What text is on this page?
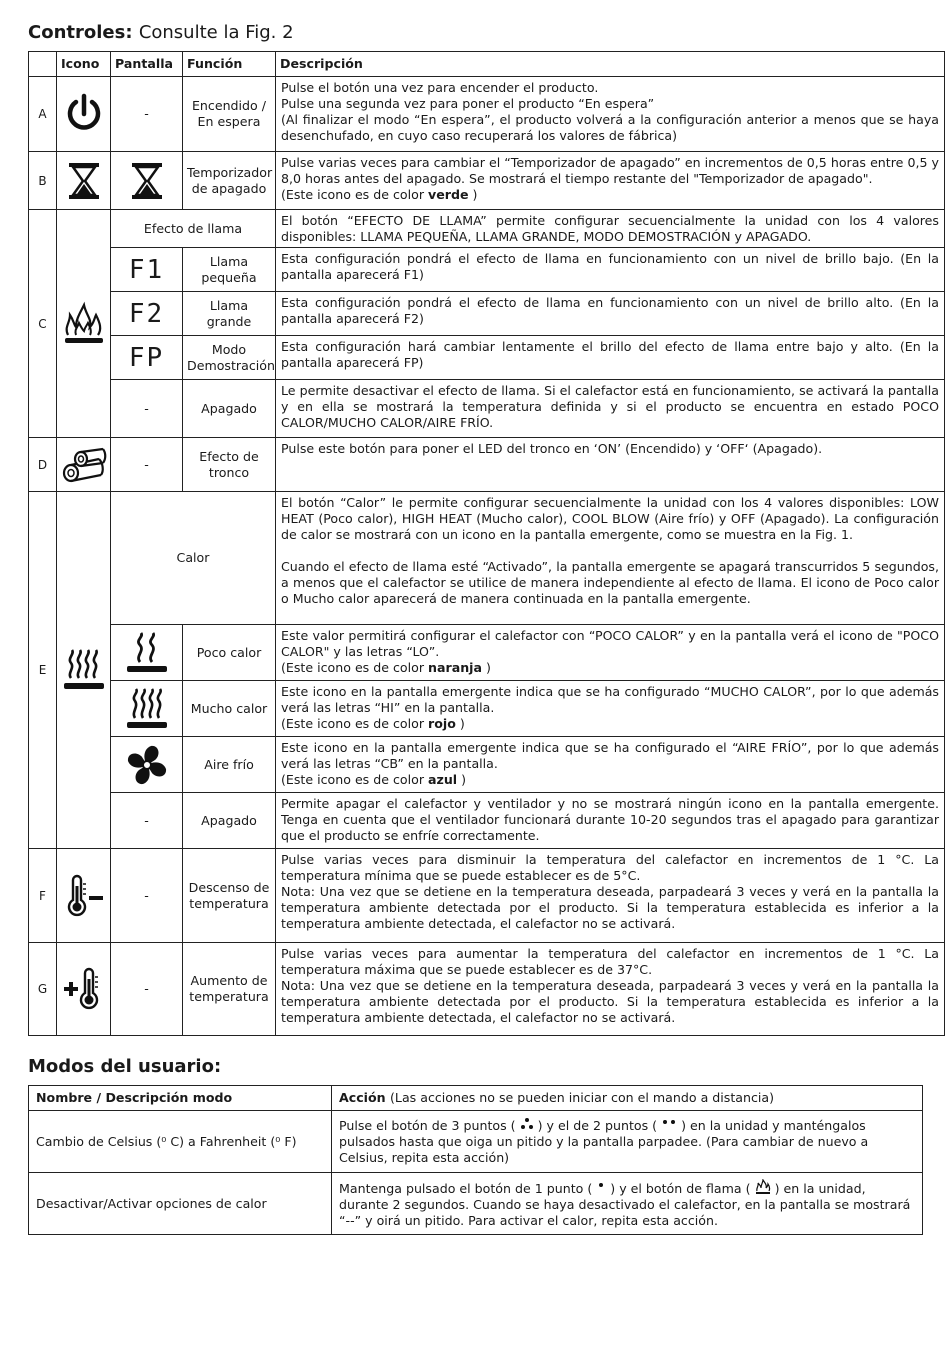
Controles: Consulte la Fig. 2
	Icono	Pantalla	Función	Descripción
A		-	Encendido / En espera	Pulse el botón una vez para encender el producto.

Pulse una segunda vez para poner el producto “En espera”

(Al finalizar el modo “En espera”, el producto volverá a la configuración anterior a menos que se haya desenchufado, en cuyo caso recuperará los valores de fábrica)

B			Temporizador de apagado	Pulse varias veces para cambiar el “Temporizador de apagado” en incrementos de 0,5 horas entre 0,5 y 8,0 horas antes del apagado. Se mostrará el tiempo restante del "Temporizador de apagado".

(Este icono es de color verde )

C		Efecto de llama		El botón “EFECTO DE LLAMA” permite configurar secuencialmente la unidad con los 4 valores disponibles: LLAMA PEQUEÑA, LLAMA GRANDE, MODO DEMOSTRACIÓN y APAGADO.
		F1	Llama pequeña	Esta configuración pondrá el efecto de llama en funcionamiento con un nivel de brillo bajo. (En la pantalla aparecerá F1)
		F2	Llama grande	Esta configuración pondrá el efecto de llama en funcionamiento con un nivel de brillo alto. (En la pantalla aparecerá F2)
		FP	Modo Demostración	Esta configuración hará cambiar lentamente el brillo del efecto de llama entre bajo y alto. (En la pantalla aparecerá FP)
		-	Apagado	Le permite desactivar el efecto de llama. Si el calefactor está en funcionamiento, se activará la pantalla y en ella se mostrará la temperatura definida y si el producto se encuentra en estado POCO CALOR/MUCHO CALOR/AIRE FRÍO.
D		-	Efecto de tronco	Pulse este botón para poner el LED del tronco en ‘ON’ (Encendido) y ‘OFF‘ (Apagado).
E		Calor		El botón “Calor” le permite configurar secuencialmente la unidad con los 4 valores disponibles: LOW HEAT (Poco calor), HIGH HEAT (Mucho calor), COOL BLOW (Aire frío) y OFF (Apagado). La configuración de calor se mostrará con un icono en la pantalla emergente, como se muestra en la Fig. 1.

Cuando el efecto de llama esté “Activado”, la pantalla emergente se apagará transcurridos 5 segundos, a menos que el calefactor se utilice de manera independiente al efecto de llama. El icono de Poco calor o Mucho calor aparecerá de manera continuada en la pantalla emergente.

	Poco calor	Este valor permitirá configurar el calefactor con “POCO CALOR” y en la pantalla verá el icono de "POCO CALOR" y las letras “LO”.

(Este icono es de color naranja )

	Mucho calor	Este icono en la pantalla emergente indica que se ha configurado “MUCHO CALOR”, por lo que además verá las letras “HI” en la pantalla.

(Este icono es de color rojo )

	Aire frío	Este icono en la pantalla emergente indica que se ha configurado el “AIRE FRÍO”, por lo que además verá las letras “CB” en la pantalla.

(Este icono es de color azul )

		-	Apagado	Permite apagar el calefactor y ventilador y no se mostrará ningún icono en la pantalla emergente. Tenga en cuenta que el ventilador funcionará durante 10-20 segundos tras el apagado para garantizar que el producto se enfríe correctamente.
F		-	Descenso de temperatura	Pulse varias veces para disminuir la temperatura del calefactor en incrementos de 1 °C. La temperatura mínima que se puede establecer es de 5°C.

Nota: Una vez que se detiene en la temperatura deseada, parpadeará 3 veces y verá en la pantalla la temperatura ambiente detectada por el producto. Si la temperatura establecida es inferior a la temperatura ambiente detectada, el calefactor no se activará.

G		-	Aumento de temperatura	Pulse varias veces para aumentar la temperatura del calefactor en incrementos de 1 °C. La temperatura máxima que se puede establecer es de 37°C.

Nota: Una vez que se detiene en la temperatura deseada, parpadeará 3 veces y verá en la pantalla la temperatura ambiente detectada por el producto. Si la temperatura establecida es inferior a la temperatura ambiente detectada, el calefactor no se activará.

Modos del usuario:
Nombre / Descripción modo	Acción (Las acciones no se pueden iniciar con el mando a distancia)
Cambio de Celsius (⁰ C) a Fahrenheit (⁰ F)	Pulse el botón de 3 puntos ( ) y el de 2 puntos ( ) en la unidad y manténgalos pulsados hasta que oiga un pitido y la pantalla parpadee. (Para cambiar de nuevo a Celsius, repita esta acción)
Desactivar/Activar opciones de calor	Mantenga pulsado el botón de 1 punto ( ) y el botón de flama ( ) en la unidad, durante 2 segundos. Cuando se haya desactivado el calefactor, en la pantalla se mostrará “--” y oirá un pitido. Para activar el calor, repita esta acción.
